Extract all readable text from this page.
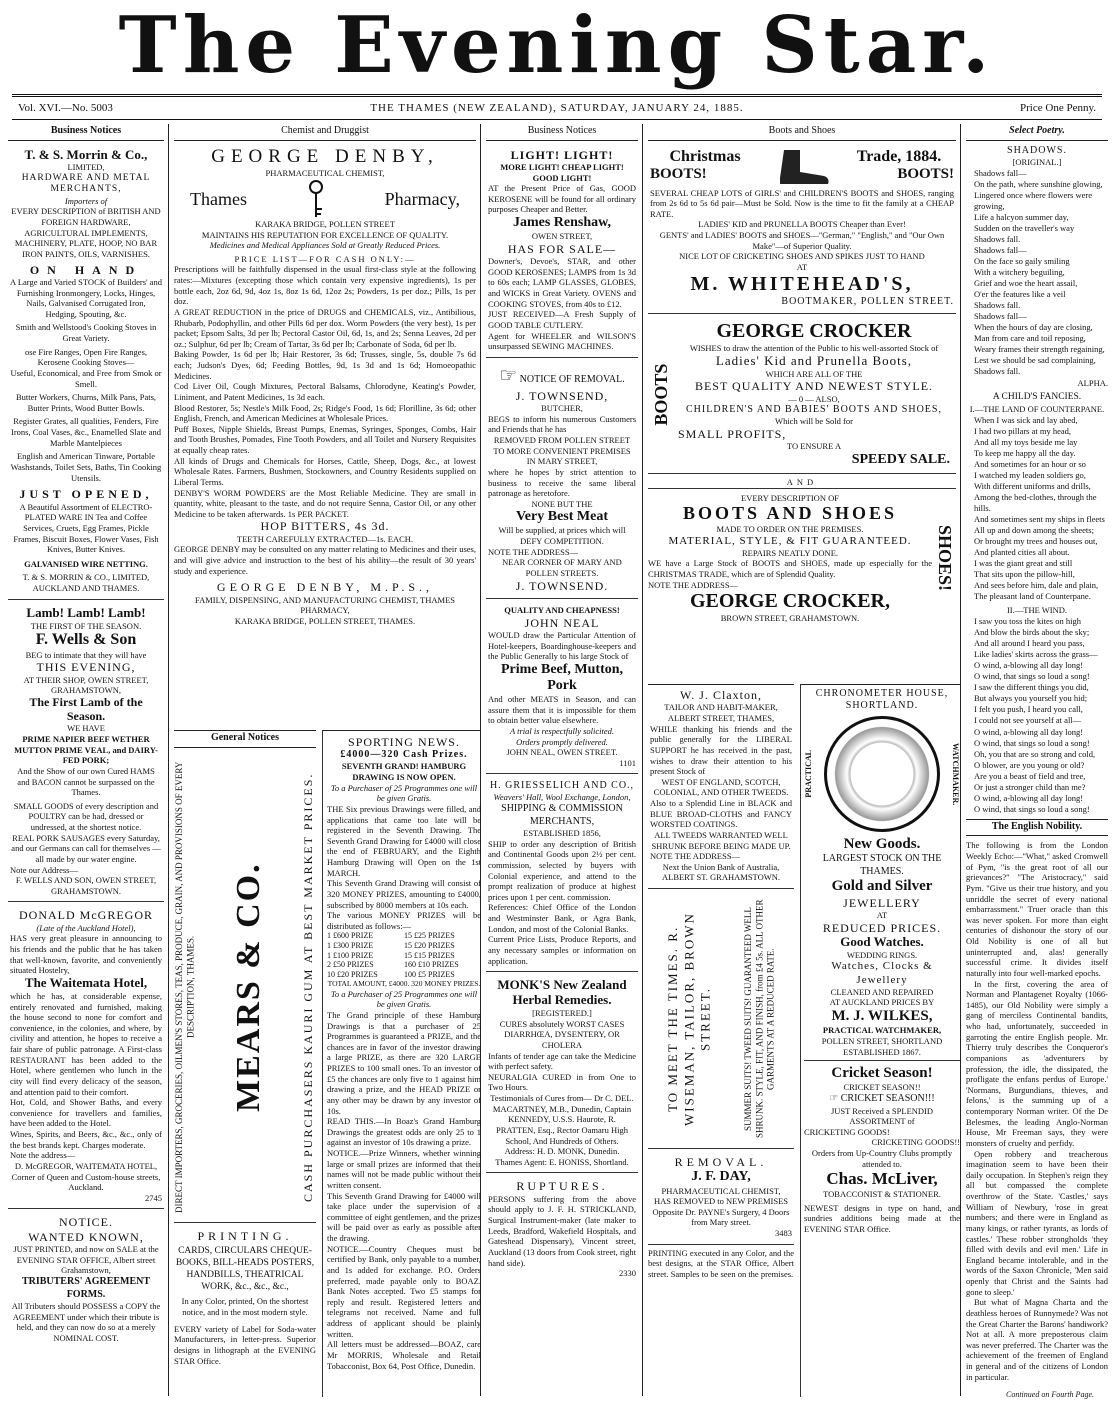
The Evening Star.
Vol. XVI.—No. 5003	THE THAMES (NEW ZEALAND), SATURDAY, JANUARY 24, 1885.	Price One Penny.
Business Notices
T. & S. Morrin & Co.,
LIMITED,
HARDWARE AND METAL MERCHANTS,
Importers of
EVERY DESCRIPTION of BRITISH AND FOREIGN HARDWARE, AGRICULTURAL IMPLEMENTS, MACHINERY, PLATE, HOOP, NO BAR IRON PAINTS, OILS, VARNISHES.
ON HAND
A Large and Varied STOCK of Builders' and Furnishing Ironmongery, Locks, Hinges, Nails, Galvanised Corrugated Iron, Hedging, Spouting, &c.
Smith and Wellstood's Cooking Stoves in Great Variety.
ose Fire Ranges, Open Fire Ranges, Kerosene Cooking Stoves—
Useful, Economical, and Free from Smok or Smell.
Butter Workers, Churns, Milk Pans, Pats, Butter Prints, Wood Butter Bowls.
Register Grates, all qualities, Fenders, Fire Irons, Coal Vases, &c., Enamelled Slate and Marble Mantelpieces
English and American Tinware, Portable Washstands, Toilet Sets, Baths, Tin Cooking Utensils.
JUST OPENED,
A Beautiful Assortment of ELECTRO-PLATED WARE IN Tea and Coffee Services, Cruets, Egg Frames, Pickle Frames, Biscuit Boxes, Flower Vases, Fish Knives, Butter Knives.
GALVANISED WIRE NETTING.
T. & S. MORRIN & CO., LIMITED, AUCKLAND AND THAMES.
Lamb! Lamb! Lamb!
THE FIRST OF THE SEASON.
F. Wells & Son
BEG to intimate that they will have
THIS EVENING,
AT THEIR SHOP, OWEN STREET, GRAHAMSTOWN,
The First Lamb of the Season.
WE HAVE
PRIME NAPIER BEEF WETHER MUTTON PRIME VEAL, and DAIRY-FED PORK;
And the Show of our own Cured HAMS and BACON cannot be surpassed on the Thames.
SMALL GOODS of every description and POULTRY can be had, dressed or undressed, at the shortest notice.
REAL PORK SAUSAGES every Saturday, and our Germans can call for themselves —all made by our water engine.
Note our Address—
F. WELLS AND SON, OWEN STREET, GRAHAMSTOWN.
DONALD McGREGOR
(Late of the Auckland Hotel),
HAS very great pleasure in announcing to his friends and the public that he has taken that well-known, favorite, and conveniently situated Hostelry,
The Waitemata Hotel,
which he has, at considerable expense, entirely renovated and furnished, making the house second to none for comfort and convenience, in the colonies, and where, by civility and attention, he hopes to receive a fair share of public patronage. A First-class RESTAURANT has been added to the Hotel, where gentlemen who lunch in the city will find every delicacy of the season, and attention paid to their comfort.
Hot, Cold, and Shower Baths, and every convenience for travellers and families, have been added to the Hotel.
Wines, Spirits, and Beers, &c., &c., only of the best brands kept. Charges moderate.
Note the address—
D. McGREGOR, WAITEMATA HOTEL, Corner of Queen and Custom-house streets, Auckland.
2745
NOTICE.
WANTED KNOWN,
JUST PRINTED, and now on SALE at the EVENING STAR OFFICE, Albert street Grahamstown,
TRIBUTERS' AGREEMENT FORMS.
All Tributers should POSSESS a COPY the AGREEMENT under which their tribute is held, and they can now do so at a merely NOMINAL COST.
Chemist and Druggist
GEORGE DENBY,
PHARMACEUTICAL CHEMIST,
Thames	Pharmacy,
KARAKA BRIDGE, POLLEN STREET
MAINTAINS HIS REPUTATION FOR EXCELLENCE OF QUALITY.
Medicines and Medical Appliances Sold at Greatly Reduced Prices.
PRICE LIST—FOR CASH ONLY:—
Prescriptions will be faithfully dispensed in the usual first-class style at the following rates:—Mixtures (excepting those which contain very expensive ingredients), 1s per bottle each, 2oz 6d, 9d, 4oz 1s, 8oz 1s 6d, 12oz 2s; Powders, 1s per doz.; Pills, 1s per doz.
A GREAT REDUCTION in the price of DRUGS and CHEMICALS, viz., Antibilious, Rhubarb, Podophyllin, and other Pills 6d per dox. Worm Powders (the very best), 1s per packet; Epsom Salts, 3d per lb; Pectoral Castor Oil, 6d, 1s, and 2s; Senna Leaves, 2d per oz.; Sulphur, 6d per lb; Cream of Tartar, 3s 6d per lb; Carbonate of Soda, 6d per lb.
Baking Powder, 1s 6d per lb; Hair Restorer, 3s 6d; Trusses, single, 5s, double 7s 6d each; Judson's Dyes, 6d; Feeding Bottles, 9d, 1s 3d and 1s 6d; Homoeopathic Medicines.
Cod Liver Oil, Cough Mixtures, Pectoral Balsams, Chlorodyne, Keating's Powder, Liniment, and Patent Medicines, 1s 3d each.
Blood Restorer, 5s; Nestle's Milk Food, 2s; Ridge's Food, 1s 6d; Florilline, 3s 6d; other English, French, and American Medicines at Wholesale Prices.
Puff Boxes, Nipple Shields, Breast Pumps, Enemas, Syringes, Sponges, Combs, Hair and Tooth Brushes, Pomades, Fine Tooth Powders, and all Toilet and Nursery Requisites at equally cheap rates.
All kinds of Drugs and Chemicals for Horses, Cattle, Sheep, Dogs, &c., at lowest Wholesale Rates. Farmers, Bushmen, Stockowners, and Country Residents supplied on Liberal Terms.
DENBY'S WORM POWDERS are the Most Reliable Medicine. They are small in quantity, white, pleasant to the taste, and do not require Senna, Castor Oil, or any other Medicine to be taken afterwards. 1s PER PACKET.
HOP BITTERS, 4s 3d.
TEETH CAREFULLY EXTRACTED—1s. EACH.
GEORGE DENBY may be consulted on any matter relating to Medicines and their uses, and will give advice and instruction to the best of his ability—the result of 30 years' study and experience.
GEORGE DENBY, M.P.S.,
FAMILY, DISPENSING, AND MANUFACTURING CHEMIST, THAMES PHARMACY,
KARAKA BRIDGE, POLLEN STREET, THAMES.
General Notices
DIRECT IMPORTERS, GROCERIES, OILMEN'S STORES, TEAS, PRODUCE, GRAIN, AND PROVISIONS OF EVERY DESCRIPTION, THAMES. MEARS & CO.	CASH PURCHASERS KAURI GUM AT BEST MARKET PRICES.
PRINTING.
CARDS, CIRCULARS CHEQUE-BOOKS, BILL-HEADS POSTERS, HANDBILLS, THEATRICAL WORK, &c., &c., &c.,
In any Color, printed, On the shortest notice, and in the most modern style.
EVERY variety of Label for Soda-water Manufacturers, in letter-press. Superior designs in lithograph at the EVENING STAR Office.
SPORTING NEWS.
£4000—320 Cash Prizes.
SEVENTH GRAND! HAMBURG DRAWING IS NOW OPEN.
To a Purchaser of 25 Programmes one will be given Gratis.
THE Six previous Drawings were filled, and applications that came too late will be registered in the Seventh Drawing. The Seventh Grand Drawing for £4000 will close the end of FEBRUARY, and the Eighth Hamburg Drawing will Open on the 1st MARCH.
This Seventh Grand Drawing will consist of 320 MONEY PRIZES, amounting to £4000, subscribed by 8000 members at 10s each.
The various MONEY PRIZES will be distributed as follows:—
1 £600 PRIZE	15 £25 PRIZES
1 £300 PRIZE	15 £20 PRIZES
1 £100 PRIZE	15 £15 PRIZES
2 £50 PRIZES	160 £10 PRIZES
10 £20 PRIZES	100 £5 PRIZES
TOTAL AMOUNT, £4000. 320 MONEY PRIZES.
To a Purchaser of 25 Programmes one will be given Gratis.
The Grand principle of these Hamburg Drawings is that a purchaser of 25 Programmes is guaranteed a PRIZE, and the chances are in favor of the investor drawing a large PRIZE, as there are 320 LARGE PRIZES to 100 small ones. To an investor of £5 the chances are only five to 1 against him drawing a prize, and the HEAD PRIZE or any other may be drawn by any investor of 10s.
READ THIS.—In Boaz's Grand Hamburg Drawings the greatest odds are only 25 to 1 against an investor of 10s drawing a prize.
NOTICE.—Prize Winners, whether winning large or small prizes are informed that their names will not be made public without their written consent.
This Seventh Grand Drawing for £4000 will take place under the supervision of a committee of eight gentlemen, and the prizes will be paid over as early as possible after the drawing.
NOTICE.—Country Cheques must be certified by Bank, only payable to a number, and 1s added for exchange. P.O. Orders preferred, made payable only to BOAZ. Bank Notes accepted. Two £5 stamps for reply and result. Registered letters and telegrams not received. Name and full address of applicant should be plainly written.
All letters must be addressed—BOAZ, care Mr MORRIS, Wholesale and Retail Tobacconist, Box 64, Post Office, Dunedin.
Business Notices
LIGHT! LIGHT!
MORE LIGHT! CHEAP LIGHT! GOOD LIGHT!
AT the Present Price of Gas, GOOD KEROSENE will be found for all ordinary purposes Cheaper and Better.
James Renshaw,
OWEN STREET,
HAS FOR SALE—
Downer's, Devoe's, STAR, and other GOOD KEROSENES; LAMPS from 1s 3d to 60s each; LAMP GLASSES, GLOBES, and WICKS in Great Variety. OVENS and COOKING STOVES, from 40s to £12.
JUST RECEIVED—A Fresh Supply of GOOD TABLE CUTLERY.
Agent for WHEELER and WILSON'S unsurpassed SEWING MACHINES.
☞ NOTICE OF REMOVAL.
J. TOWNSEND,
BUTCHER,
BEGS to inform his numerous Customers and Friends that he has
REMOVED FROM POLLEN STREET TO MORE CONVENIENT PREMISES IN MARY STREET,
where he hopes by strict attention to business to receive the same liberal patronage as heretofore.
NONE BUT THE
Very Best Meat
Will be supplied, at prices which will DEFY COMPETITION.
NOTE THE ADDRESS—
NEAR CORNER OF MARY AND POLLEN STREETS.
J. TOWNSEND.
QUALITY AND CHEAPNESS!
JOHN NEAL
WOULD draw the Particular Attention of Hotel-keepers, Boardinghouse-keepers and the Public Generally to his large Stock of
Prime Beef, Mutton, Pork
And other MEATS in Season, and can assure them that it is impossible for them to obtain better value elsewhere.
A trial is respectfully solicited.
Orders promptly delivered.
JOHN NEAL, OWEN STREET.
1101
H. GRIESSELICH AND CO.,
Weavers' Hall, Wool Exchange, London,
SHIPPING & COMMISSION MERCHANTS,
ESTABLISHED 1856,
SHIP to order any description of British and Continental Goods upon 2½ per cent. commission, selected by buyers with Colonial experience, and attend to the prompt realization of produce at highest prices upon 1 per cent. commission.
References: Chief Office of the London and Westminster Bank, or Agra Bank, London, and most of the Colonial Banks.
Current Price Lists, Produce Reports, and any necessary samples or information on application.
MONK'S New Zealand Herbal Remedies.
[REGISTERED.]
CURES absolutely WORST CASES DIARRHŒA, DYSENTERY, OR CHOLERA
Infants of tender age can take the Medicine with perfect safety.
NEURALGIA CURED in from One to Two Hours.
Testimonials of Cures from— Dr C. DEL. MACARTNEY, M.B., Dunedin, Captain KENNEDY, U.S.S. Haurote, R. PRATTEN, Esq., Rector Oamaru High School, And Hundreds of Others.
Address: H. D. MONK, Dunedin.
Thames Agent: E. HONISS, Shortland.
RUPTURES.
PERSONS suffering from the above should apply to J. F. H. STRICKLAND, Surgical Instrument-maker (late maker to Leeds, Bradford, Wakefield Hospitals, and Gateshead Dispensary), Vincent street, Auckland (13 doors from Cook street, right hand side).
2330
Boots and Shoes
Christmas
BOOTS!
Trade, 1884.
BOOTS!
SEVERAL CHEAP LOTS of GIRLS' and CHILDREN'S BOOTS and SHOES, ranging from 2s 6d to 5s 6d pair—Must be Sold. Now is the time to fit the family at a CHEAP RATE.
LADIES' KID and PRUNELLA BOOTS Cheaper than Ever!
GENTS' and LADIES' BOOTS and SHOES—"German," "English," and "Our Own Make"—of Superior Quality.
NICE LOT OF CRICKETING SHOES AND SPIKES JUST TO HAND
AT
M. WHITEHEAD'S,
BOOTMAKER, POLLEN STREET.
BOOTS
GEORGE CROCKER
WISHES to draw the attention of the Public to his well-assorted Stock of
Ladies' Kid and Prunella Boots,
WHICH ARE ALL OF THE
BEST QUALITY AND NEWEST STYLE.
— 0 — ALSO,
CHILDREN'S AND BABIES' BOOTS AND SHOES,
Which will be Sold for
SMALL PROFITS,
TO ENSURE A
SPEEDY SALE.
AND
EVERY DESCRIPTION OF
BOOTS AND SHOES
MADE TO ORDER ON THE PREMISES.
MATERIAL, STYLE, & FIT GUARANTEED.
REPAIRS NEATLY DONE.
WE have a Large Stock of BOOTS and SHOES, made up especially for the CHRISTMAS TRADE, which are of Splendid Quality.
NOTE THE ADDRESS—
GEORGE CROCKER,
BROWN STREET, GRAHAMSTOWN.
SHOES!
W. J. Claxton,
TAILOR AND HABIT-MAKER,
ALBERT STREET, THAMES,
WHILE thanking his friends and the public generally for the LIBERAL SUPPORT he has received in the past, wishes to draw their attention to his present Stock of
WEST OF ENGLAND, SCOTCH, COLONIAL, AND OTHER TWEEDS.
Also to a Splendid Line in BLACK and BLUE BROAD-CLOTHS and FANCY WORSTED COATINGS.
ALL TWEEDS WARRANTED WELL SHRUNK BEFORE BEING MADE UP.
NOTE THE ADDRESS—
Next the Union Bank of Australia, ALBERT ST. GRAHAMSTOWN.
TO MEET THE TIMES. R. WISEMAN, TAILOR, BROWN STREET.	SUMMER SUITS! TWEED SUITS! GUARANTEED WELL SHRUNK. STYLE, FIT, AND FINISH, from £4 5s. ALL OTHER GARMENTS AT A REDUCED RATE.
REMOVAL.
J. F. DAY,
PHARMACEUTICAL CHEMIST,
HAS REMOVED to NEW PREMISES Opposite Dr. PAYNE's Surgery, 4 Doors from Mary street.
3483
PRINTING executed in any Color, and the best designs, at the STAR Office, Albert street. Samples to be seen on the premises.
CHRONOMETER HOUSE, SHORTLAND.
PRACTICAL	WATCHMAKER.
New Goods.
LARGEST STOCK ON THE THAMES.
Gold and Silver
JEWELLERY
AT
REDUCED PRICES.
Good Watches.
WEDDING RINGS.
Watches, Clocks & Jewellery
CLEANED AND REPAIRED
AT AUCKLAND PRICES BY
M. J. WILKES,
PRACTICAL WATCHMAKER,
POLLEN STREET, SHORTLAND
ESTABLISHED 1867.
Cricket Season!
CRICKET SEASON!!
☞ CRICKET SEASON!!!
JUST Received a SPLENDID ASSORTMENT of
CRICKETING GOODS!
CRICKETING GOODS!!
Orders from Up-Country Clubs promptly attended to.
Chas. McLiver,
TOBACCONIST & STATIONER.
NEWEST designs in type on hand, and sundries additions being made at the EVENING STAR Office.
Select Poetry.
SHADOWS.
[ORIGINAL.]
Shadows fall—
On the path, where sunshine glowing,
Lingered once where flowers were growing,
Life a halcyon summer day,
Sudden on the traveller's way
Shadows fall.
Shadows fall—
On the face so gaily smiling
With a witchery beguiling,
Grief and woe the heart assail,
O'er the features like a veil
Shadows fall.
Shadows fall—
When the hours of day are closing,
Man from care and toil reposing,
Weary frames their strength regaining,
Lest we should be sad complaining,
Shadows fall.
ALPHA.
A CHILD'S FANCIES.
I.—THE LAND OF COUNTERPANE.
When I was sick and lay abed,
I had two pillars at my head,
And all my toys beside me lay
To keep me happy all the day.
And sometimes for an hour or so
I watched my leaden soldiers go,
With different uniforms and drills,
Among the bed-clothes, through the hills.
And sometimes sent my ships in fleets
All up and down among the sheets;
Or brought my trees and houses out,
And planted cities all about.
I was the giant great and still
That sits upon the pillow-hill,
And sees before him, dale and plain,
The pleasant land of Counterpane.
II.—THE WIND.
I saw you toss the kites on high
And blow the birds about the sky;
And all around I heard you pass,
Like ladies' skirts across the grass—
O wind, a-blowing all day long!
O wind, that sings so loud a song!
I saw the different things you did,
But always you yourself you hid;
I felt you push, I heard you call,
I could not see yourself at all—
O wind, a-blowing all day long!
O wind, that sings so loud a song!
Oh, you that are so strong and cold,
O blower, are you young or old?
Are you a beast of field and tree,
Or just a stronger child than me?
O wind, a-blowing all day long!
O wind, that sings so loud a song!
The English Nobility.
The following is from the London Weekly Echo:—"What," asked Cromwell of Pym, "is the great root of all our grievances?" "The Aristocracy," said Pym. "Give us their true history, and you unriddle the secret of every national embarrassment." Truer oracle than this was never spoken. For more than eight centuries of dishonour the story of our Old Nobility is one of all but uninterrupted and, alas! generally successful crime. It divides itself naturally into four well-marked epochs.
In the first, covering the area of Norman and Plantagenet Royalty (1066-1485), our Old Nobility were simply a gang of merciless Continental bandits, who had, unfortunately, succeeded in garroting the entire English people. Mr. Thierry truly describes the Conqueror's companions as 'adventurers by profession, the idle, the dissipated, the profligate the enfans perdus of Europe.' 'Normans, Burgundians, thieves, and felons,' is the summing up of a contemporary Norman writer. Of the De Belesmes, the leading Anglo-Norman House, Mr Freeman says, they were monsters of cruelty and perfidy.
Open robbery and treacherous imagination seem to have been their daily occupation. In Stephen's reign they all but compassed the complete overthrow of the State. 'Castles,' says William of Newbury, 'rose in great numbers; and there were in England as many kings, or rather tyrants, as lords of castles.' These robber strongholds 'they filled with devils and evil men.' Life in England became intolerable, and in the words of the Saxon Chronicle, 'Men said openly that Christ and the Saints had gone to sleep.'
But what of Magna Charta and the deathless heroes of Runnymede? Was not the Great Charter the Barons' handiwork? Not at all. A more preposterous claim was never preferred. The Charter was the achievement of the freemen of England in general and of the citizens of London in particular.
Continued on Fourth Page.
